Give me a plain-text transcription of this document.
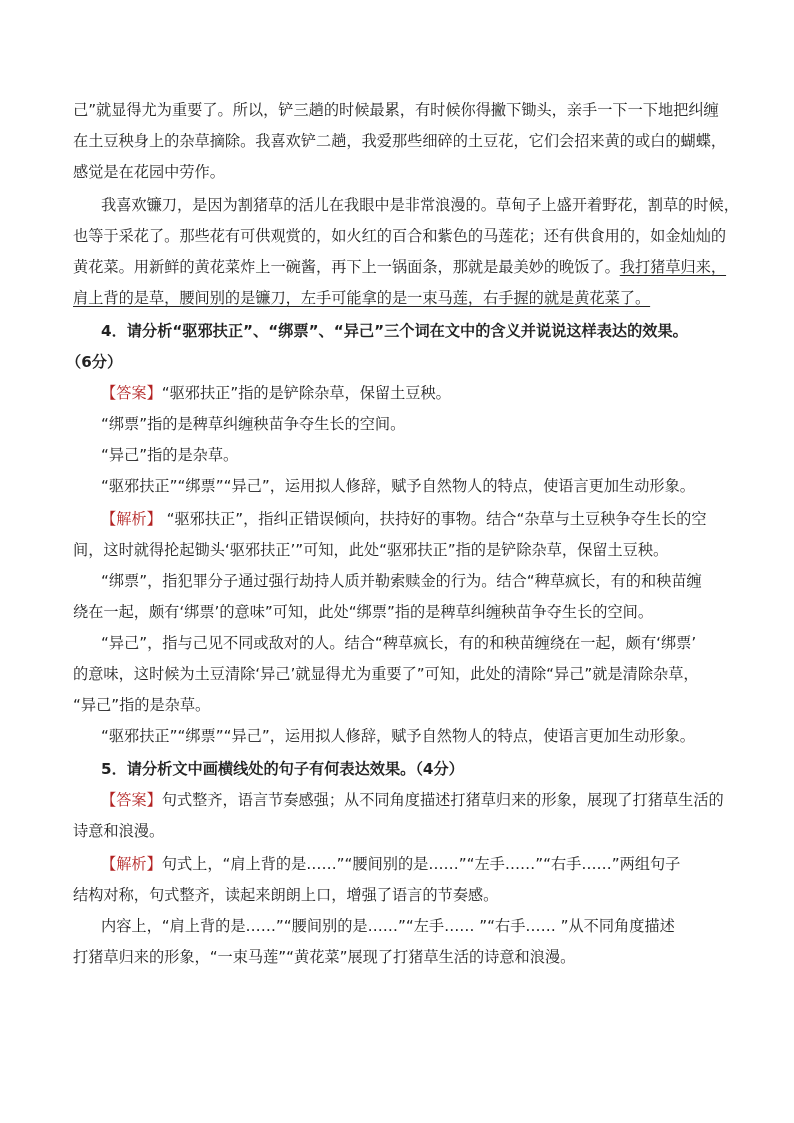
己”就显得尤为重要了。所以，铲三趟的时候最累，有时候你得撇下锄头，亲手一下一下地把纠缠
在土豆秧身上的杂草摘除。我喜欢铲二趟，我爱那些细碎的土豆花，它们会招来黄的或白的蝴蝶，
感觉是在花园中劳作。
我喜欢镰刀，是因为割猪草的活儿在我眼中是非常浪漫的。草甸子上盛开着野花，割草的时候，
也等于采花了。那些花有可供观赏的，如火红的百合和紫色的马莲花；还有供食用的，如金灿灿的
黄花菜。用新鲜的黄花菜炸上一碗酱，再下上一锅面条，那就是最美妙的晚饭了。我打猪草归来，
肩上背的是草，腰间别的是镰刀，左手可能拿的是一束马莲，右手握的就是黄花菜了。
4．请分析“驱邪扶正”、“绑票”、“异己”三个词在文中的含义并说说这样表达的效果。
（6分）
【答案】“驱邪扶正”指的是铲除杂草，保留土豆秧。
“绑票”指的是稗草纠缠秧苗争夺生长的空间。
“异己”指的是杂草。
“驱邪扶正”“绑票”“异己”，运用拟人修辞，赋予自然物人的特点，使语言更加生动形象。
【解析】 “驱邪扶正”，指纠正错误倾向，扶持好的事物。结合“杂草与土豆秧争夺生长的空
间，这时就得抡起锄头‘驱邪扶正’”可知，此处“驱邪扶正”指的是铲除杂草，保留土豆秧。
“绑票”，指犯罪分子通过强行劫持人质并勒索赎金的行为。结合“稗草疯长，有的和秧苗缠
绕在一起，颇有‘绑票’的意味”可知，此处“绑票”指的是稗草纠缠秧苗争夺生长的空间。
“异己”，指与己见不同或敌对的人。结合“稗草疯长，有的和秧苗缠绕在一起，颇有‘绑票’
的意味，这时候为土豆清除‘异己’就显得尤为重要了”可知，此处的清除“异己”就是清除杂草，
“异己”指的是杂草。
“驱邪扶正”“绑票”“异己”，运用拟人修辞，赋予自然物人的特点，使语言更加生动形象。
5．请分析文中画横线处的句子有何表达效果。（4分）
【答案】句式整齐，语言节奏感强；从不同角度描述打猪草归来的形象，展现了打猪草生活的
诗意和浪漫。
【解析】句式上，“肩上背的是……”“腰间别的是……”“左手……”“右手……”两组句子
结构对称，句式整齐，读起来朗朗上口，增强了语言的节奏感。
内容上，“肩上背的是……”“腰间别的是……”“左手…… ”“右手…… ”从不同角度描述
打猪草归来的形象，“一束马莲”“黄花菜”展现了打猪草生活的诗意和浪漫。
